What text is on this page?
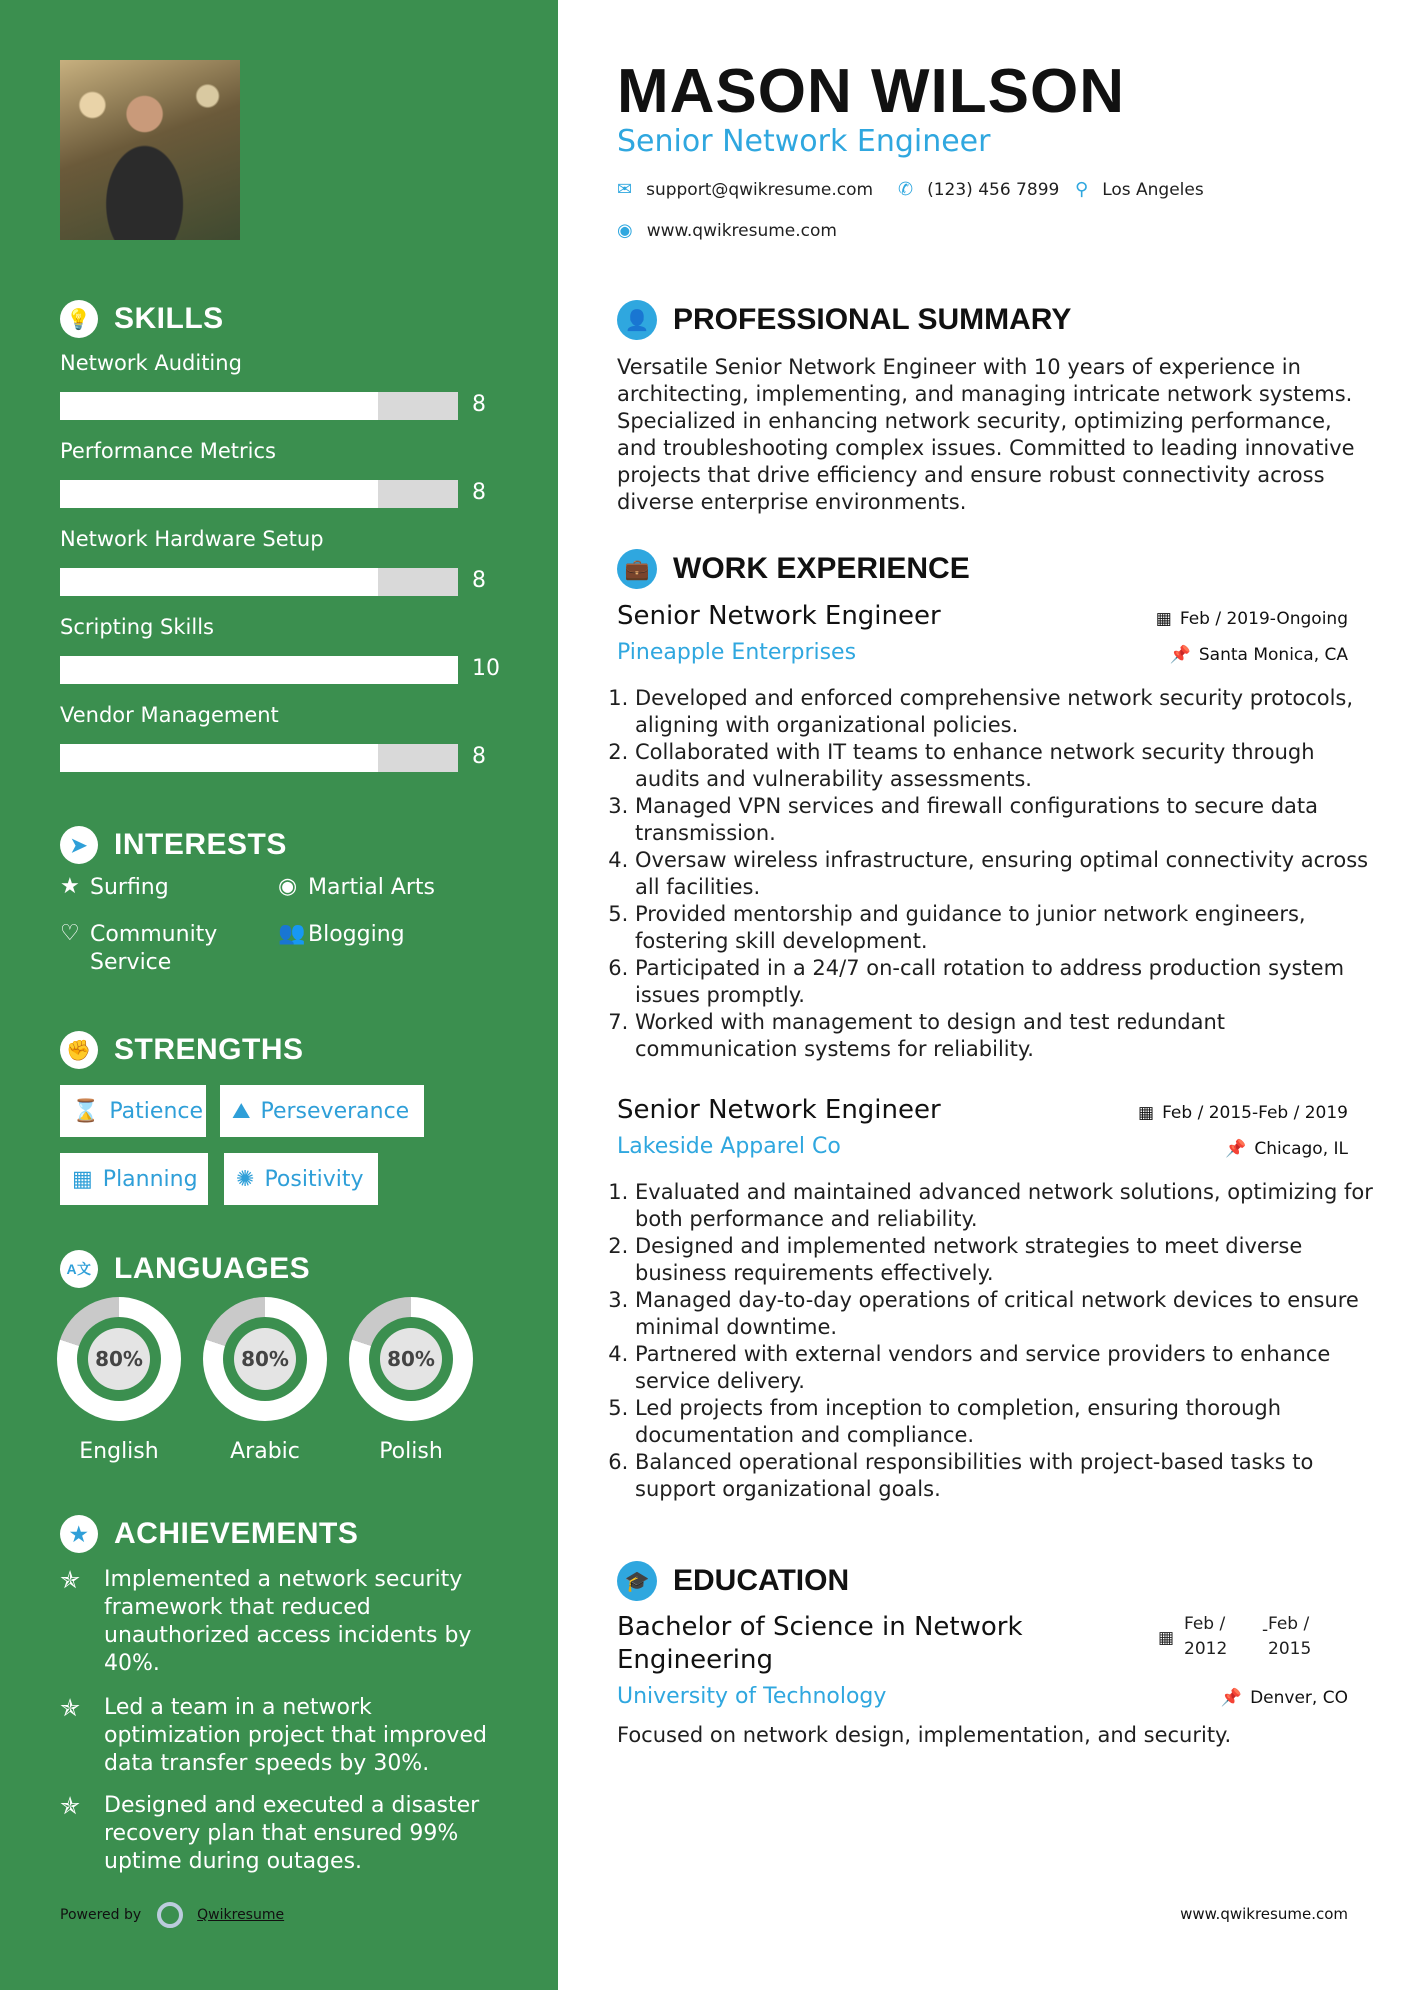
💡 SKILLS
Network Auditing
8
Performance Metrics
8
Network Hardware Setup
8
Scripting Skills
10
Vendor Management
8
➤ INTERESTS
★ Surfing	◉ Martial Arts
♡ Community Service
👥 Blogging
✊ STRENGTHS
⌛ Patience ⛰ Perseverance
▦ Planning ✺ Positivity
A文 LANGUAGES
80%
English
80%
Arabic
80%
Polish
★ ACHIEVEMENTS
✯	Implemented a network security framework that reduced unauthorized access incidents by 40%.
✯	Led a team in a network optimization project that improved data transfer speeds by 30%.
✯	Designed and executed a disaster recovery plan that ensured 99% uptime during outages.
Powered by	Qwikresume
MASON WILSON
Senior Network Engineer
✉ support@qwikresume.com ✆ (123) 456 7899 ⚲ Los Angeles
◉ www.qwikresume.com
👤 PROFESSIONAL SUMMARY
Versatile Senior Network Engineer with 10 years of experience in architecting, implementing, and managing intricate network systems. Specialized in enhancing network security, optimizing performance, and troubleshooting complex issues. Committed to leading innovative projects that drive efficiency and ensure robust connectivity across diverse enterprise environments.
💼 WORK EXPERIENCE
Senior Network Engineer	▦ Feb / 2019-Ongoing
Pineapple Enterprises	📌 Santa Monica, CA
1. Developed and enforced comprehensive network security protocols, aligning with organizational policies.
2. Collaborated with IT teams to enhance network security through audits and vulnerability assessments.
3. Managed VPN services and firewall configurations to secure data transmission.
4. Oversaw wireless infrastructure, ensuring optimal connectivity across all facilities.
5. Provided mentorship and guidance to junior network engineers, fostering skill development.
6. Participated in a 24/7 on-call rotation to address production system issues promptly.
7. Worked with management to design and test redundant communication systems for reliability.
Senior Network Engineer	▦ Feb / 2015-Feb / 2019
Lakeside Apparel Co	📌 Chicago, IL
1. Evaluated and maintained advanced network solutions, optimizing for both performance and reliability.
2. Designed and implemented network strategies to meet diverse business requirements effectively.
3. Managed day-to-day operations of critical network devices to ensure minimal downtime.
4. Partnered with external vendors and service providers to enhance service delivery.
5. Led projects from inception to completion, ensuring thorough documentation and compliance.
6. Balanced operational responsibilities with project-based tasks to support organizational goals.
🎓 EDUCATION
Bachelor of Science in Network Engineering
▦
Feb / 2012
- Feb / 2015
University of Technology	📌 Denver, CO
Focused on network design, implementation, and security.
www.qwikresume.com
